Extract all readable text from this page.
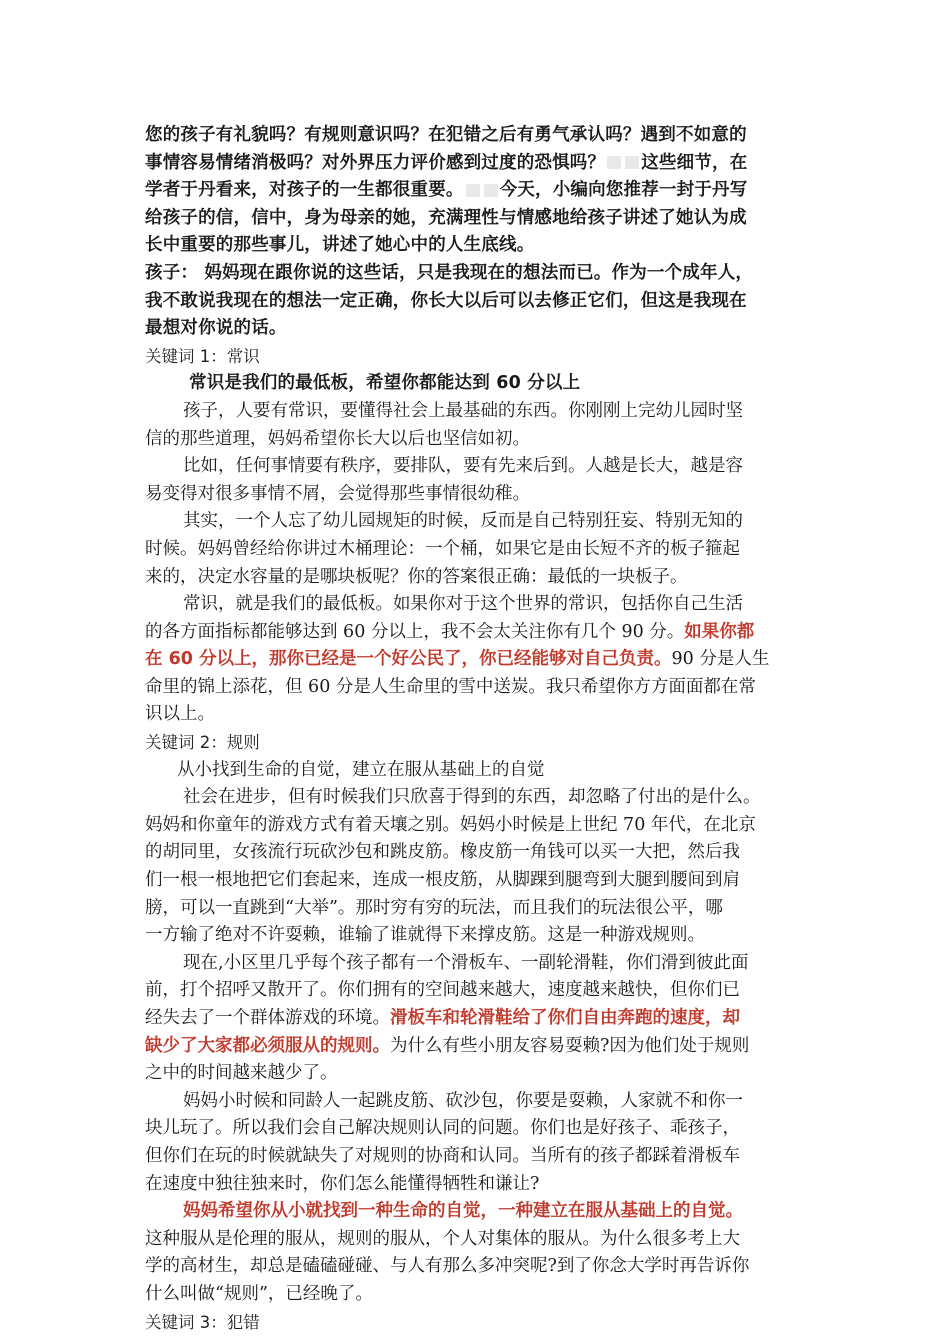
您的孩子有礼貌吗？有规则意识吗？在犯错之后有勇气承认吗？遇到不如意的
事情容易情绪消极吗？对外界压力评价感到过度的恐惧吗？ 这些细节，在
学者于丹看来，对孩子的一生都很重要。 今天，小编向您推荐一封于丹写
给孩子的信，信中，身为母亲的她，充满理性与情感地给孩子讲述了她认为成
长中重要的那些事儿，讲述了她心中的人生底线。
孩子： 妈妈现在跟你说的这些话，只是我现在的想法而已。作为一个成年人，
我不敢说我现在的想法一定正确，你长大以后可以去修正它们，但这是我现在
最想对你说的话。
关键词 1：常识
常识是我们的最低板，希望你都能达到 60 分以上
孩子，人要有常识，要懂得社会上最基础的东西。你刚刚上完幼儿园时坚
信的那些道理，妈妈希望你长大以后也坚信如初。
比如，任何事情要有秩序，要排队，要有先来后到。人越是长大，越是容
易变得对很多事情不屑，会觉得那些事情很幼稚。
其实，一个人忘了幼儿园规矩的时候，反而是自己特别狂妄、特别无知的
时候。妈妈曾经给你讲过木桶理论：一个桶，如果它是由长短不齐的板子箍起
来的，决定水容量的是哪块板呢？你的答案很正确：最低的一块板子。
常识，就是我们的最低板。如果你对于这个世界的常识，包括你自己生活
的各方面指标都能够达到 60 分以上，我不会太关注你有几个 90 分。如果你都
在 60 分以上，那你已经是一个好公民了，你已经能够对自己负责。90 分是人生
命里的锦上添花，但 60 分是人生命里的雪中送炭。我只希望你方方面面都在常
识以上。
关键词 2：规则
从小找到生命的自觉，建立在服从基础上的自觉
社会在进步，但有时候我们只欣喜于得到的东西，却忽略了付出的是什么。
妈妈和你童年的游戏方式有着天壤之别。妈妈小时候是上世纪 70 年代，在北京
的胡同里，女孩流行玩砍沙包和跳皮筋。橡皮筋一角钱可以买一大把，然后我
们一根一根地把它们套起来，连成一根皮筋，从脚踝到腿弯到大腿到腰间到肩
膀，可以一直跳到“大举”。那时穷有穷的玩法，而且我们的玩法很公平，哪
一方输了绝对不许耍赖，谁输了谁就得下来撑皮筋。这是一种游戏规则。
现在,小区里几乎每个孩子都有一个滑板车、一副轮滑鞋，你们滑到彼此面
前，打个招呼又散开了。你们拥有的空间越来越大，速度越来越快，但你们已
经失去了一个群体游戏的环境。滑板车和轮滑鞋给了你们自由奔跑的速度，却
缺少了大家都必须服从的规则。为什么有些小朋友容易耍赖?因为他们处于规则
之中的时间越来越少了。
妈妈小时候和同龄人一起跳皮筋、砍沙包，你要是耍赖，人家就不和你一
块儿玩了。所以我们会自己解决规则认同的问题。你们也是好孩子、乖孩子，
但你们在玩的时候就缺失了对规则的协商和认同。当所有的孩子都踩着滑板车
在速度中独往独来时，你们怎么能懂得牺牲和谦让?
妈妈希望你从小就找到一种生命的自觉，一种建立在服从基础上的自觉。
这种服从是伦理的服从，规则的服从，个人对集体的服从。为什么很多考上大
学的高材生，却总是磕磕碰碰、与人有那么多冲突呢?到了你念大学时再告诉你
什么叫做“规则”，已经晚了。
关键词 3：犯错
